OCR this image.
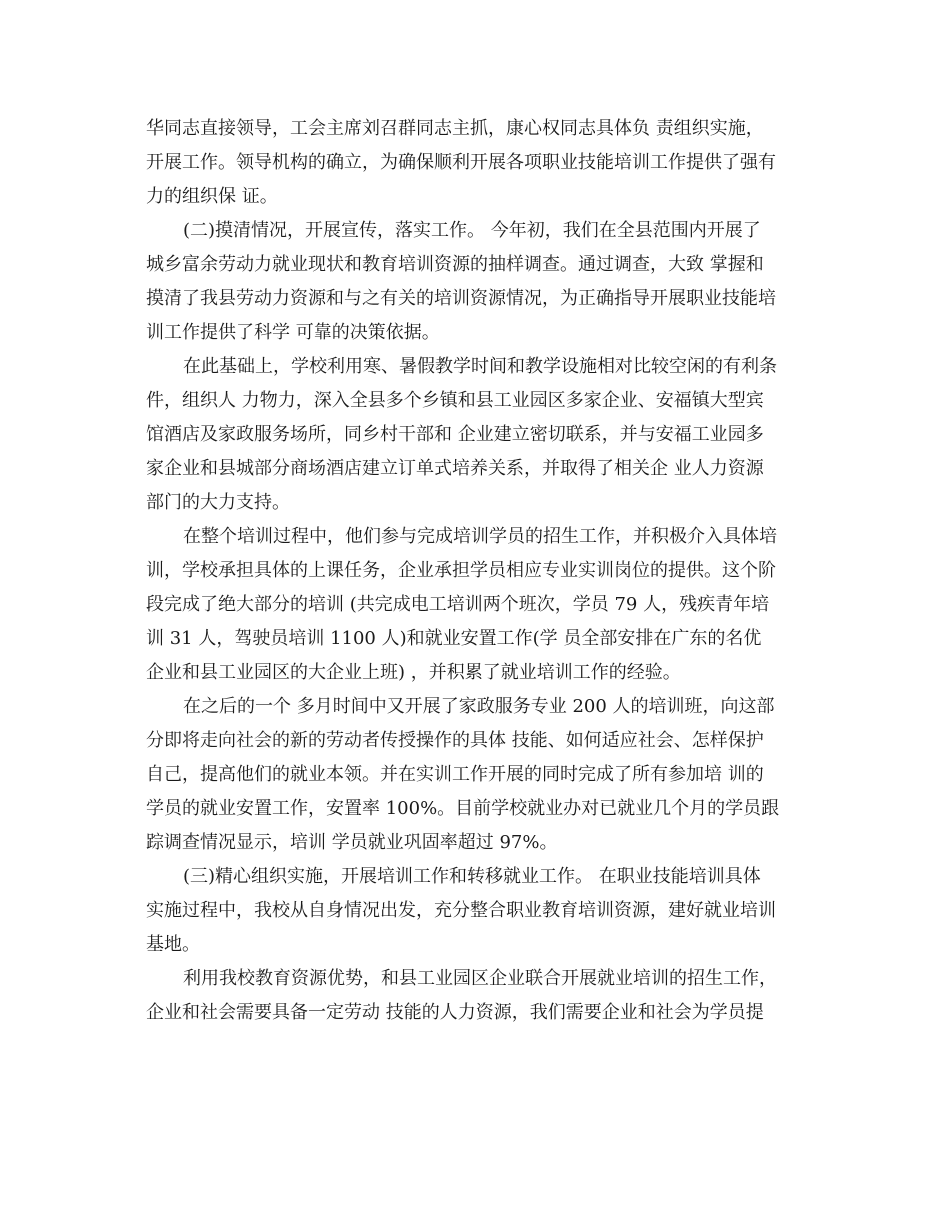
华同志直接领导，工会主席刘召群同志主抓，康心权同志具体负 责组织实施，
开展工作。领导机构的确立，为确保顺利开展各项职业技能培训工作提供了强有
力的组织保 证。
(二)摸清情况，开展宣传，落实工作。 今年初，我们在全县范围内开展了
城乡富余劳动力就业现状和教育培训资源的抽样调查。通过调查，大致 掌握和
摸清了我县劳动力资源和与之有关的培训资源情况，为正确指导开展职业技能培
训工作提供了科学 可靠的决策依据。
在此基础上，学校利用寒、暑假教学时间和教学设施相对比较空闲的有利条
件，组织人 力物力，深入全县多个乡镇和县工业园区多家企业、安福镇大型宾
馆酒店及家政服务场所，同乡村干部和 企业建立密切联系，并与安福工业园多
家企业和县城部分商场酒店建立订单式培养关系，并取得了相关企 业人力资源
部门的大力支持。
在整个培训过程中，他们参与完成培训学员的招生工作，并积极介入具体培
训，学校承担具体的上课任务，企业承担学员相应专业实训岗位的提供。这个阶
段完成了绝大部分的培训 (共完成电工培训两个班次，学员 79 人，残疾青年培
训 31 人，驾驶员培训 1100 人)和就业安置工作(学 员全部安排在广东的名优
企业和县工业园区的大企业上班) ，并积累了就业培训工作的经验。
在之后的一个 多月时间中又开展了家政服务专业 200 人的培训班，向这部
分即将走向社会的新的劳动者传授操作的具体 技能、如何适应社会、怎样保护
自己，提高他们的就业本领。并在实训工作开展的同时完成了所有参加培 训的
学员的就业安置工作，安置率 100%。目前学校就业办对已就业几个月的学员跟
踪调查情况显示，培训 学员就业巩固率超过 97%。
(三)精心组织实施，开展培训工作和转移就业工作。 在职业技能培训具体
实施过程中，我校从自身情况出发，充分整合职业教育培训资源，建好就业培训
基地。
利用我校教育资源优势，和县工业园区企业联合开展就业培训的招生工作，
企业和社会需要具备一定劳动 技能的人力资源，我们需要企业和社会为学员提
